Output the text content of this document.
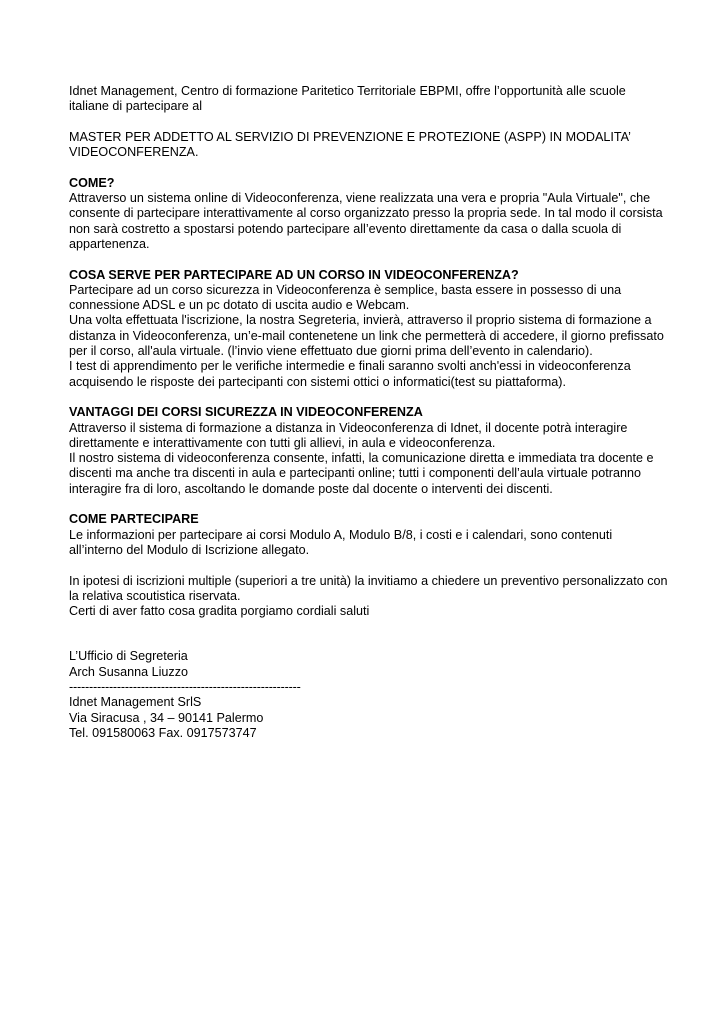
Idnet Management, Centro di formazione Paritetico Territoriale EBPMI, offre l’opportunità alle scuole italiane di partecipare al

MASTER PER ADDETTO AL SERVIZIO DI PREVENZIONE E PROTEZIONE (ASPP) IN MODALITA’ VIDEOCONFERENZA.

COME?
Attraverso un sistema online di Videoconferenza, viene realizzata una vera e propria "Aula Virtuale", che consente di partecipare interattivamente al corso organizzato presso la propria sede. In tal modo il corsista non sarà costretto a spostarsi potendo partecipare all’evento direttamente da casa o dalla scuola di appartenenza.
COSA SERVE PER PARTECIPARE AD UN CORSO IN VIDEOCONFERENZA?
Partecipare ad un corso sicurezza in Videoconferenza è semplice, basta essere in possesso di una connessione ADSL e un pc dotato di uscita audio e Webcam.
Una volta effettuata l'iscrizione, la nostra Segreteria, invierà, attraverso il proprio sistema di formazione a distanza in Videoconferenza, un’e-mail contenetene un link che permetterà di accedere, il giorno prefissato per il corso, all'aula virtuale. (l’invio viene effettuato due giorni prima dell’evento in calendario).
I test di apprendimento per le verifiche intermedie e finali saranno svolti anch'essi in videoconferenza acquisendo le risposte dei partecipanti con sistemi ottici o informatici(test su piattaforma).
VANTAGGI DEI CORSI SICUREZZA IN VIDEOCONFERENZA
Attraverso il sistema di formazione a distanza in Videoconferenza di Idnet, il docente potrà interagire direttamente e interattivamente con tutti gli allievi, in aula e videoconferenza.
Il nostro sistema di videoconferenza consente, infatti, la comunicazione diretta e immediata tra docente e discenti ma anche tra discenti in aula e partecipanti online; tutti i componenti dell’aula virtuale potranno interagire fra di loro, ascoltando le domande poste dal docente o interventi dei discenti.
COME PARTECIPARE
Le informazioni per partecipare ai corsi Modulo A, Modulo B/8, i costi e i calendari, sono contenuti all’interno del Modulo di Iscrizione allegato.
In ipotesi di iscrizioni multiple (superiori a tre unità) la invitiamo a chiedere un preventivo personalizzato con la relativa scoutistica riservata.
Certi di aver fatto cosa gradita porgiamo cordiali saluti
L’Ufficio di Segreteria
Arch Susanna Liuzzo
----------------------------------------------------------
Idnet Management SrlS
Via Siracusa , 34 – 90141 Palermo
Tel. 091580063 Fax. 0917573747
